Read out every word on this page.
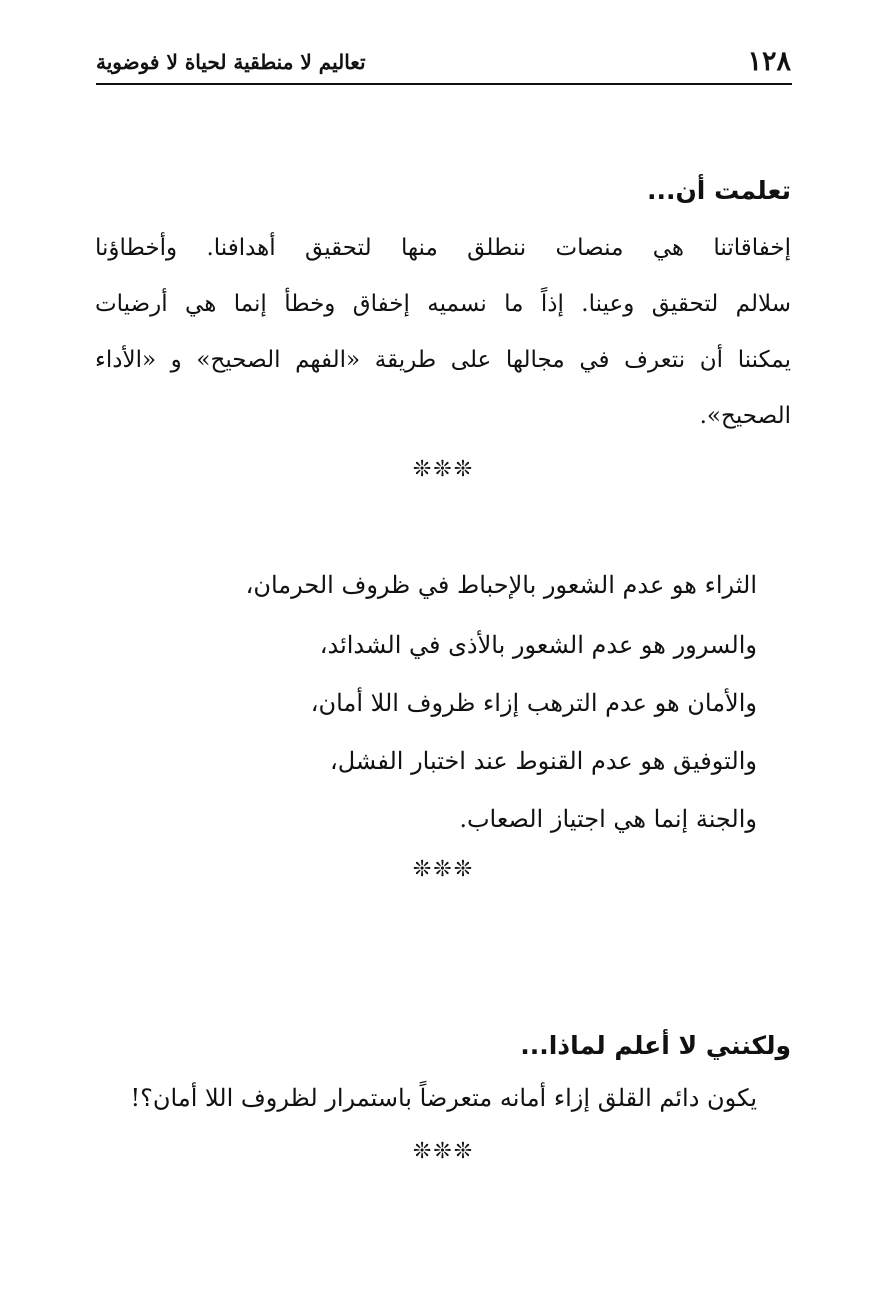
١٢٨
تعاليم لا منطقية لحياة لا فوضوية
تعلمت أن...
إخفاقاتنا هي منصات ننطلق منها لتحقيق أهدافنا. وأخطاؤنا
سلالم لتحقيق وعينا. إذاً ما نسميه إخفاق وخطأ إنما هي أرضيات
يمكننا أن نتعرف في مجالها على طريقة «الفهم الصحيح» و «الأداء
الصحيح».
❊❊❊
الثراء هو عدم الشعور بالإحباط في ظروف الحرمان،
والسرور هو عدم الشعور بالأذى في الشدائد،
والأمان هو عدم الترهب إزاء ظروف اللا أمان،
والتوفيق هو عدم القنوط عند اختبار الفشل،
والجنة إنما هي اجتياز الصعاب.
❊❊❊
ولكنني لا أعلم لماذا...
يكون دائم القلق إزاء أمانه متعرضاً باستمرار لظروف اللا أمان؟!
❊❊❊
